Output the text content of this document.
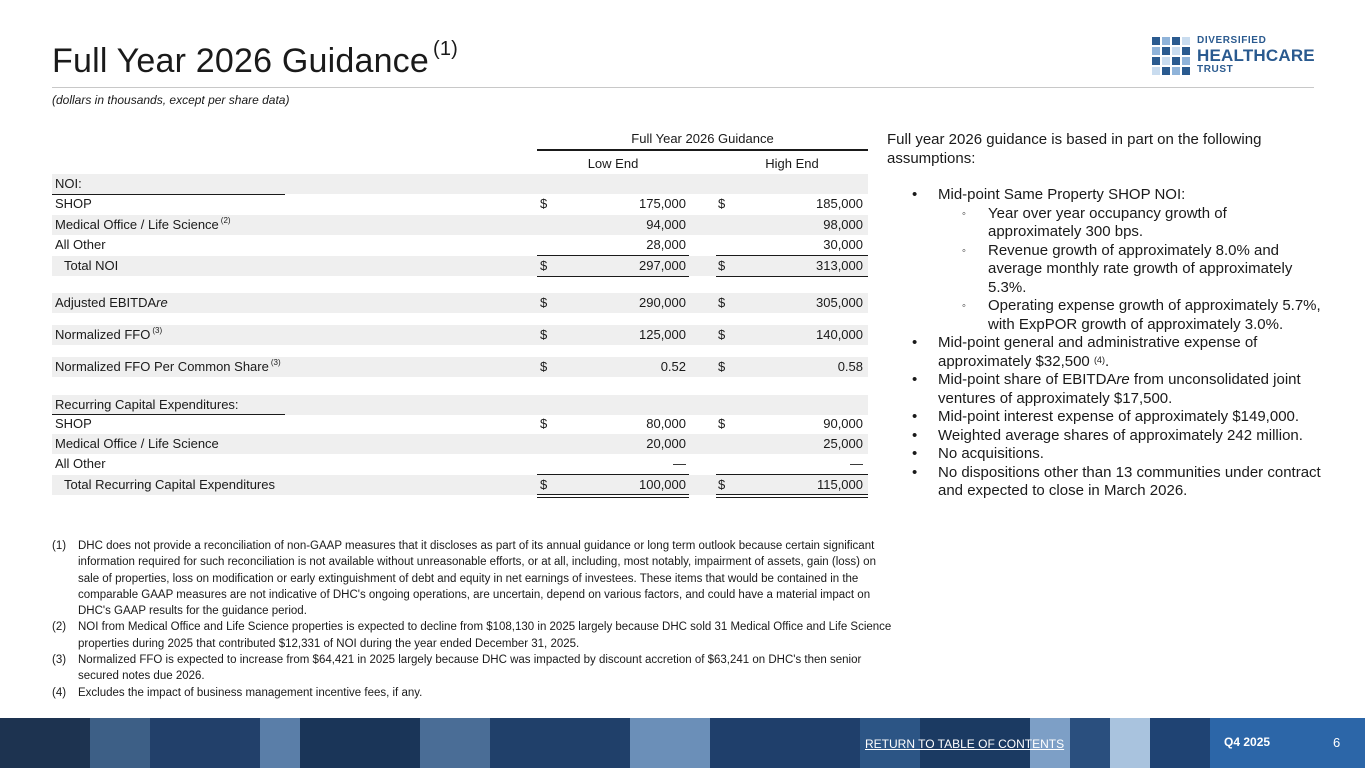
Full Year 2026 Guidance $^{(1)}$
(dollars in thousands, except per share data)
DIVERSIFIED
HEALTHCARE
TRUST
Full Year 2026 Guidance
Low End	High End
NOI:
SHOP	$	175,000 $	185,000
Medical Office / Life Science $^{(2)}$	94,000	98,000
All Other	28,000	30,000
Total NOI	$	297,000 $	313,000
Adjusted EBITDAre	$	290,000 $	305,000
Normalized FFO $^{(3)}$	$	125,000 $	140,000
Normalized FFO Per Common Share $^{(3)}$	$	0.52 $	0.58
Recurring Capital Expenditures:
SHOP	$	80,000 $	90,000
Medical Office / Life Science	20,000	25,000
All Other	—	—
Total Recurring Capital Expenditures	$	100,000 $	115,000
Full year 2026 guidance is based in part on the following assumptions:
• Mid-point Same Property SHOP NOI:
◦ Year over year occupancy growth of approximately 300 bps.
◦ Revenue growth of approximately 8.0% and average monthly rate growth of approximately 5.3%.
◦ Operating expense growth of approximately 5.7%, with ExpPOR growth of approximately 3.0%.
• Mid-point general and administrative expense of approximately $32,500 $^{(4)}$.
• Mid-point share of EBITDAre from unconsolidated joint ventures of approximately $17,500.
• Mid-point interest expense of approximately $149,000.
• Weighted average shares of approximately 242 million.
• No acquisitions.
• No dispositions other than 13 communities under contract and expected to close in March 2026.
(1) DHC does not provide a reconciliation of non-GAAP measures that it discloses as part of its annual guidance or long term outlook because certain significant information required for such reconciliation is not available without unreasonable efforts, or at all, including, most notably, impairment of assets, gain (loss) on sale of properties, loss on modification or early extinguishment of debt and equity in net earnings of investees. These items that would be contained in the comparable GAAP measures are not indicative of DHC's ongoing operations, are uncertain, depend on various factors, and could have a material impact on DHC's GAAP results for the guidance period.
(2) NOI from Medical Office and Life Science properties is expected to decline from $108,130 in 2025 largely because DHC sold 31 Medical Office and Life Science properties during 2025 that contributed $12,331 of NOI during the year ended December 31, 2025.
(3) Normalized FFO is expected to increase from $64,421 in 2025 largely because DHC was impacted by discount accretion of $63,241 on DHC's then senior secured notes due 2026.
(4) Excludes the impact of business management incentive fees, if any.
RETURN TO TABLE OF CONTENTS	Q4 2025	6
